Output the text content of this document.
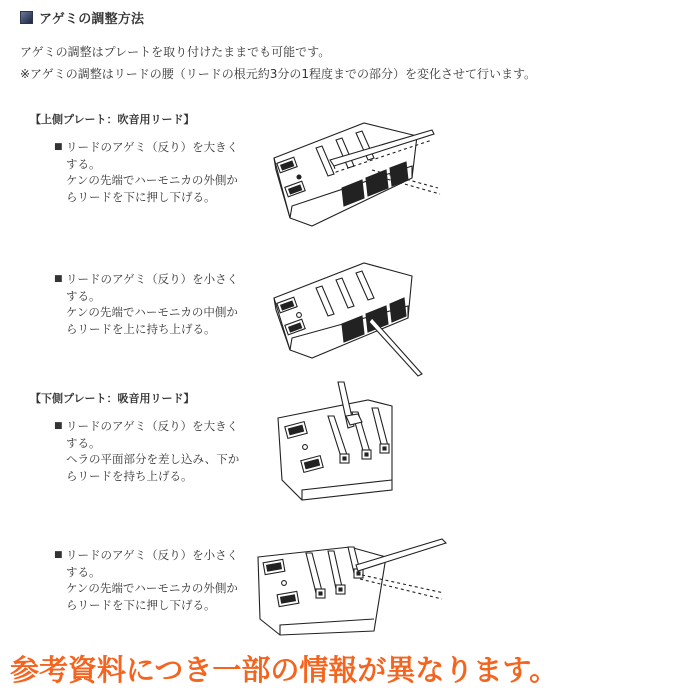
アゲミの調整方法
アゲミの調整はプレートを取り付けたままでも可能です。
※アゲミの調整はリードの腰（リードの根元約3分の1程度までの部分）を変化させて行います。
【上側プレート：吹音用リード】
■ リードのアゲミ（反り）を大きく
する。
ケンの先端でハーモニカの外側か
らリードを下に押し下げる。
■ リードのアゲミ（反り）を小さく
する。
ケンの先端でハーモニカの中側か
らリードを上に持ち上げる。
【下側プレート：吸音用リード】
■ リードのアゲミ（反り）を大きく
する。
ヘラの平面部分を差し込み、下か
らリードを持ち上げる。
■ リードのアゲミ（反り）を小さく
する。
ケンの先端でハーモニカの外側か
らリードを下に押し下げる。
参考資料につき一部の情報が異なります。
